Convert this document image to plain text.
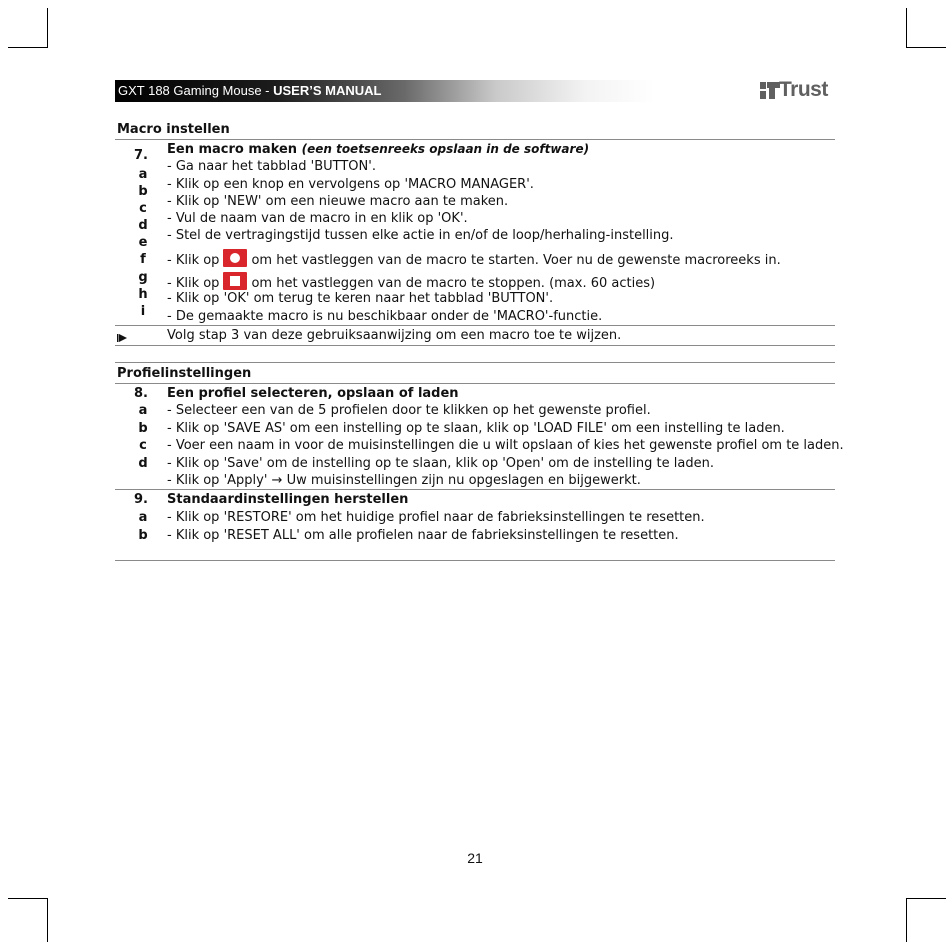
GXT 188 Gaming Mouse - USER’S MANUAL	Trust
Macro instellen
7. Een macro maken (een toetsenreeks opslaan in de software)
a
b
c
d
e
f
g
h
i
- Ga naar het tabblad 'BUTTON'.
- Klik op een knop en vervolgens op 'MACRO MANAGER'.
- Klik op 'NEW' om een nieuwe macro aan te maken.
- Vul de naam van de macro in en klik op 'OK'.
- Stel de vertragingstijd tussen elke actie in en/of de loop/herhaling-instelling.
- Klik op om het vastleggen van de macro te starten. Voer nu de gewenste macroreeks in.
- Klik op om het vastleggen van de macro te stoppen. (max. 60 acties)
- Klik op 'OK' om terug te keren naar het tabblad 'BUTTON'.
- De gemaakte macro is nu beschikbaar onder de 'MACRO'-functie.
Volg stap 3 van deze gebruiksaanwijzing om een macro toe te wijzen.
Profielinstellingen
8. Een profiel selecteren, opslaan of laden
a
b
c
d
- Selecteer een van de 5 profielen door te klikken op het gewenste profiel.
- Klik op 'SAVE AS' om een instelling op te slaan, klik op 'LOAD FILE' om een instelling te laden.
- Voer een naam in voor de muisinstellingen die u wilt opslaan of kies het gewenste profiel om te laden.
- Klik op 'Save' om de instelling op te slaan, klik op 'Open' om de instelling te laden.
- Klik op 'Apply' → Uw muisinstellingen zijn nu opgeslagen en bijgewerkt.
9. Standaardinstellingen herstellen
a
b
- Klik op 'RESTORE' om het huidige profiel naar de fabrieksinstellingen te resetten.
- Klik op 'RESET ALL' om alle profielen naar de fabrieksinstellingen te resetten.
21
